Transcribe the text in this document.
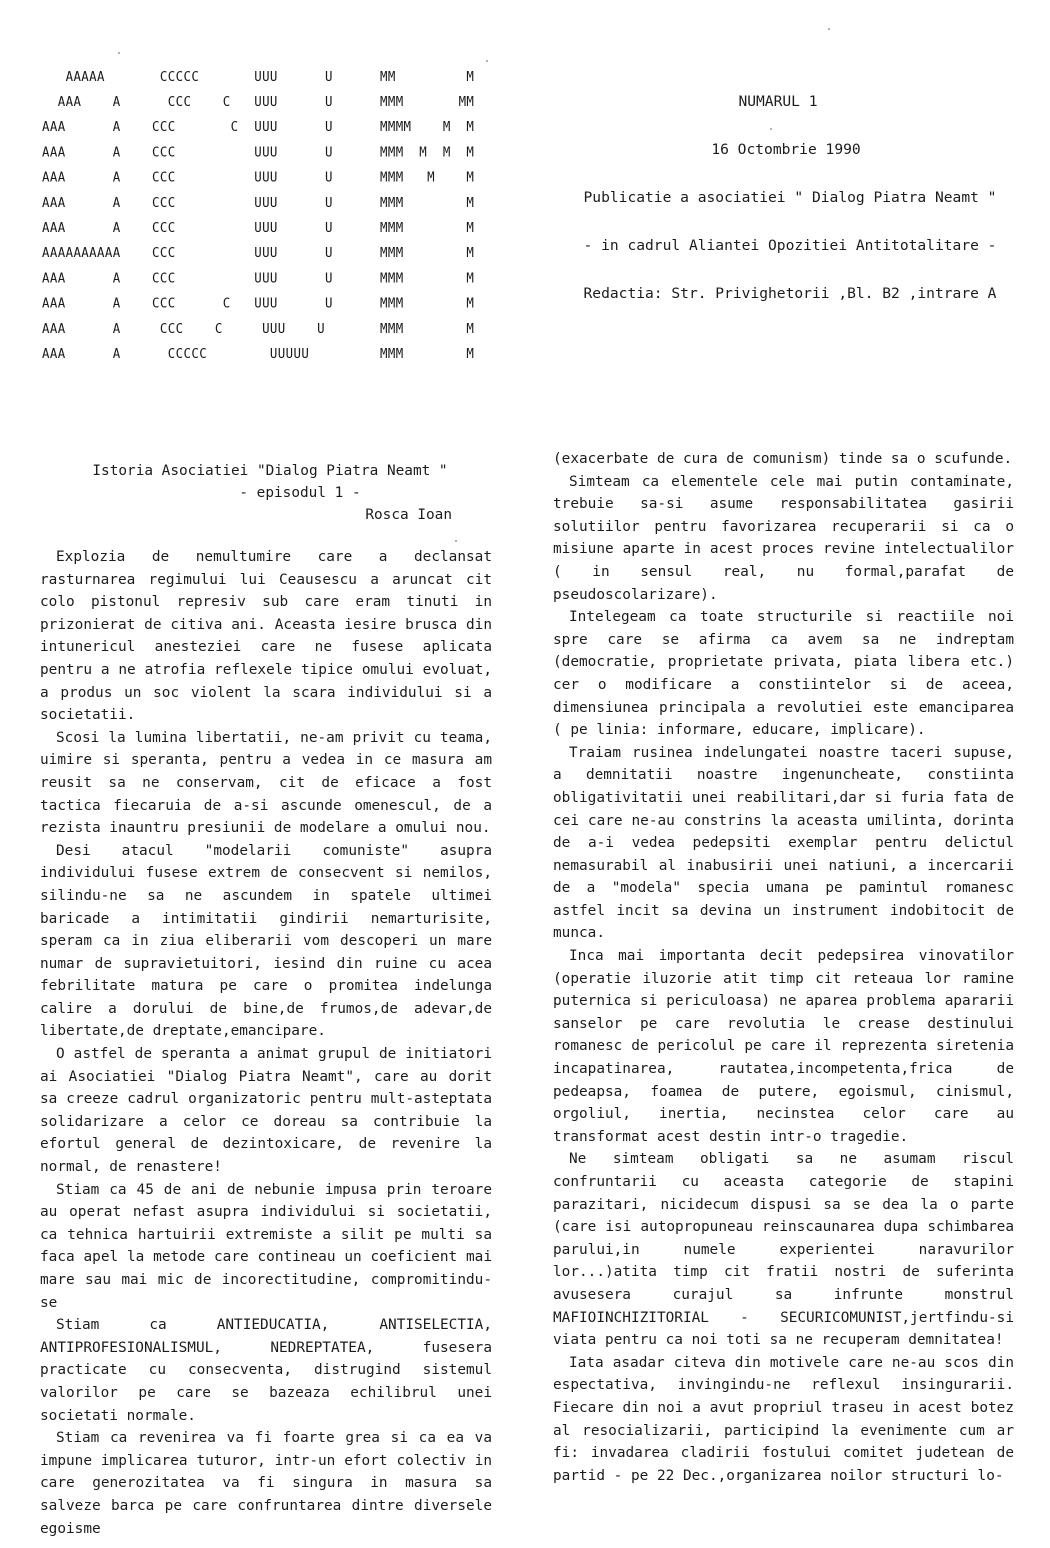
AAAAA       CCCCC       UUU      U      MM         M
AAA    A      CCC    C   UUU      U      MMM       MM
AAA      A    CCC       C  UUU      U      MMMM    M  M
AAA      A    CCC          UUU      U      MMM  M  M  M
AAA      A    CCC          UUU      U      MMM   M    M
AAA      A    CCC          UUU      U      MMM        M
AAA      A    CCC          UUU      U      MMM        M
AAAAAAAAAA    CCC          UUU      U      MMM        M
AAA      A    CCC          UUU      U      MMM        M
AAA      A    CCC      C   UUU      U      MMM        M
AAA      A     CCC    C     UUU    U       MMM        M
AAA      A      CCCCC        UUUUU         MMM        M
NUMARUL 1
16 Octombrie 1990
Publicatie a asociatiei " Dialog Piatra Neamt "
- in cadrul Aliantei Opozitiei Antitotalitare -
Redactia: Str. Privighetorii ,Bl. B2 ,intrare A
Istoria Asociatiei "Dialog Piatra Neamt "
- episodul 1 -
Rosca Ioan

Explozia de nemultumire care a declansat rasturnarea regimului lui Ceausescu a aruncat cit colo pistonul represiv sub care eram tinuti in prizonierat de citiva ani. Aceasta iesire brusca din intunericul anesteziei care ne fusese aplicata pentru a ne atrofia reflexele tipice omului evoluat, a produs un soc violent la scara individului si a societatii.

Scosi la lumina libertatii, ne-am privit cu teama, uimire si speranta, pentru a vedea in ce masura am reusit sa ne conservam, cit de eficace a fost tactica fiecaruia de a-si ascunde omenescul, de a rezista inauntru presiunii de modelare a omului nou.

Desi atacul "modelarii comuniste" asupra individului fusese extrem de consecvent si nemilos, silindu-ne sa ne ascundem in spatele ultimei baricade a intimitatii gindirii nemarturisite, speram ca in ziua eliberarii vom descoperi un mare numar de supravietuitori, iesind din ruine cu acea febrilitate matura pe care o promitea indelunga calire a dorului de bine,de frumos,de adevar,de libertate,de dreptate,emancipare.

O astfel de speranta a animat grupul de initiatori ai Asociatiei "Dialog Piatra Neamt", care au dorit sa creeze cadrul organizatoric pentru mult-asteptata solidarizare a celor ce doreau sa contribuie la efortul general de dezintoxicare, de revenire la normal, de renastere!

Stiam ca 45 de ani de nebunie impusa prin teroare au operat nefast asupra individului si societatii, ca tehnica hartuirii extremiste a silit pe multi sa faca apel la metode care contineau un coeficient mai mare sau mai mic de incorectitudine, compromitindu-se

Stiam ca ANTIEDUCATIA, ANTISELECTIA, ANTIPROFESIONALISMUL, NEDREPTATEA, fusesera practicate cu consecventa, distrugind sistemul valorilor pe care se bazeaza echilibrul unei societati normale.

Stiam ca revenirea va fi foarte grea si ca ea va impune implicarea tuturor, intr-un efort colectiv in care generozitatea va fi singura in masura sa salveze barca pe care confruntarea dintre diversele egoisme

(exacerbate de cura de comunism) tinde sa o scufunde.

Simteam ca elementele cele mai putin contaminate, trebuie sa-si asume responsabilitatea gasirii solutiilor pentru favorizarea recuperarii si ca o misiune aparte in acest proces revine intelectualilor ( in sensul real, nu formal,parafat de pseudoscolarizare).

Intelegeam ca toate structurile si reactiile noi spre care se afirma ca avem sa ne indreptam (democratie, proprietate privata, piata libera etc.) cer o modificare a constiintelor si de aceea, dimensiunea principala a revolutiei este emanciparea ( pe linia: informare, educare, implicare).

Traiam rusinea indelungatei noastre taceri supuse, a demnitatii noastre ingenuncheate, constiinta obligativitatii unei reabilitari,dar si furia fata de cei care ne-au constrins la aceasta umilinta, dorinta de a-i vedea pedepsiti exemplar pentru delictul nemasurabil al inabusirii unei natiuni, a incercarii de a "modela" specia umana pe pamintul romanesc astfel incit sa devina un instrument indobitocit de munca.

Inca mai importanta decit pedepsirea vinovatilor (operatie iluzorie atit timp cit reteaua lor ramine puternica si periculoasa) ne aparea problema apararii sanselor pe care revolutia le crease destinului romanesc de pericolul pe care il reprezenta siretenia incapatinarea, rautatea,incompetenta,frica de pedeapsa, foamea de putere, egoismul, cinismul, orgoliul, inertia, necinstea celor care au transformat acest destin intr-o tragedie.

Ne simteam obligati sa ne asumam riscul confruntarii cu aceasta categorie de stapini parazitari, nicidecum dispusi sa se dea la o parte (care isi autopropuneau reinscaunarea dupa schimbarea parului,in numele experientei naravurilor lor...)atita timp cit fratii nostri de suferinta avusesera curajul sa infrunte monstrul MAFIOINCHIZITORIAL - SECURICOMUNIST,jertfindu-si viata pentru ca noi toti sa ne recuperam demnitatea!

Iata asadar citeva din motivele care ne-au scos din espectativa, invingindu-ne reflexul insingurarii. Fiecare din noi a avut propriul traseu in acest botez al resocializarii, participind la evenimente cum ar fi: invadarea cladirii fostului comitet judetean de partid - pe 22 Dec.,organizarea noilor structuri lo-
